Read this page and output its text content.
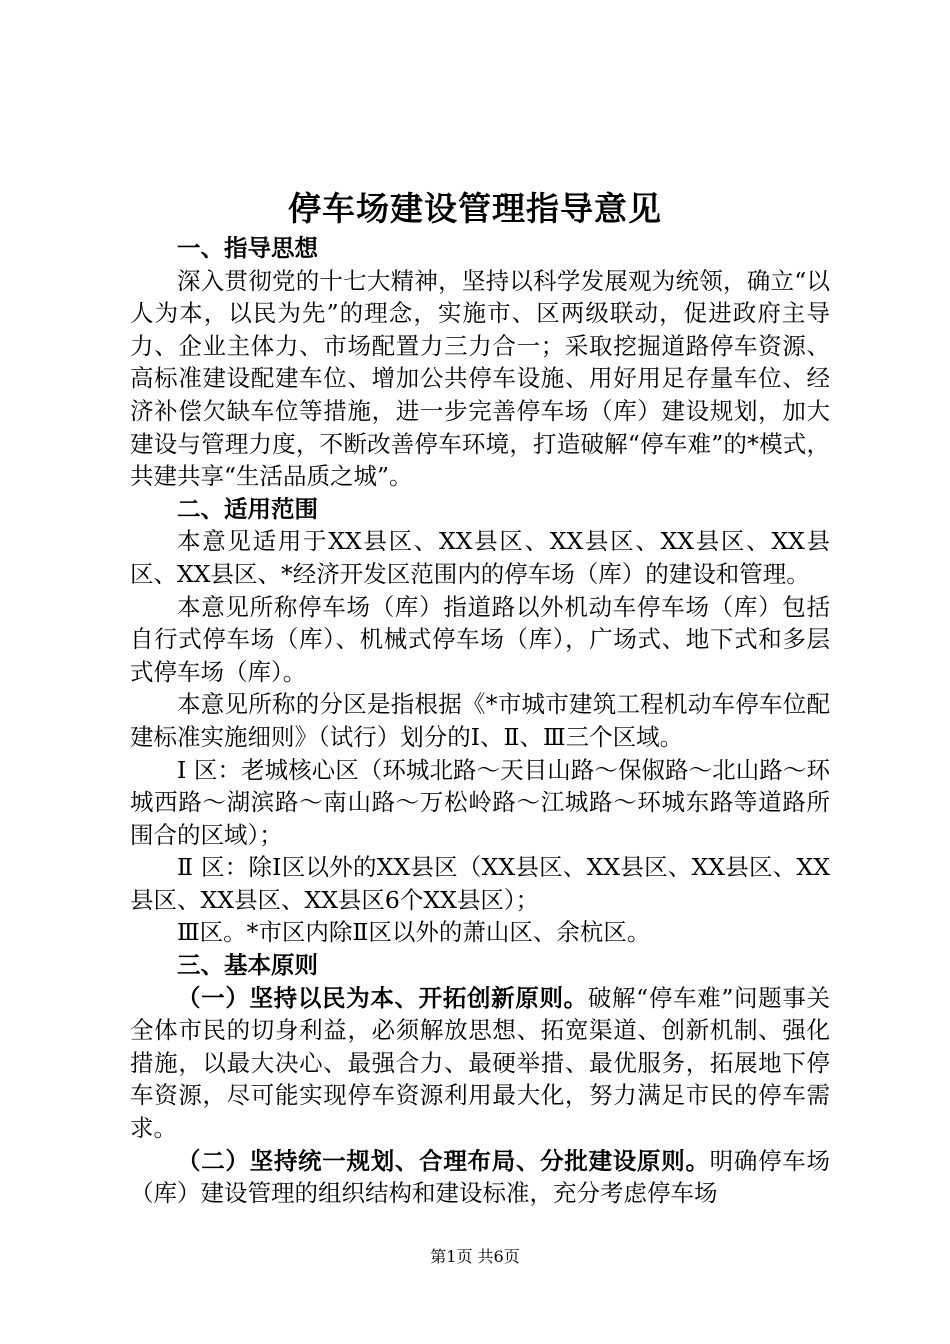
停车场建设管理指导意见

一、指导思想

深入贯彻党的十七大精神，坚持以科学发展观为统领，确立“以人为本，以民为先”的理念，实施市、区两级联动，促进政府主导力、企业主体力、市场配置力三力合一；采取挖掘道路停车资源、高标准建设配建车位、增加公共停车设施、用好用足存量车位、经济补偿欠缺车位等措施，进一步完善停车场（库）建设规划，加大建设与管理力度，不断改善停车环境，打造破解“停车难”的*模式，共建共享“生活品质之城”。

二、适用范围

本意见适用于XX县区、XX县区、XX县区、XX县区、XX县区、XX县区、*经济开发区范围内的停车场（库）的建设和管理。

本意见所称停车场（库）指道路以外机动车停车场（库）包括自行式停车场（库）、机械式停车场（库），广场式、地下式和多层式停车场（库）。

本意见所称的分区是指根据《*市城市建筑工程机动车停车位配建标准实施细则》（试行）划分的Ⅰ、Ⅱ、Ⅲ三个区域。

Ⅰ 区：老城核心区（环城北路～天目山路～保俶路～北山路～环城西路～湖滨路～南山路～万松岭路～江城路～环城东路等道路所围合的区域）；

Ⅱ 区：除Ⅰ区以外的XX县区（XX县区、XX县区、XX县区、XX县区、XX县区、XX县区6个XX县区）；

Ⅲ区。*市区内除Ⅱ区以外的萧山区、余杭区。

三、基本原则

（一）坚持以民为本、开拓创新原则。破解“停车难”问题事关全体市民的切身利益，必须解放思想、拓宽渠道、创新机制、强化措施，以最大决心、最强合力、最硬举措、最优服务，拓展地下停车资源，尽可能实现停车资源利用最大化，努力满足市民的停车需求。

（二）坚持统一规划、合理布局、分批建设原则。明确停车场（库）建设管理的组织结构和建设标准，充分考虑停车场

第1页 共6页
